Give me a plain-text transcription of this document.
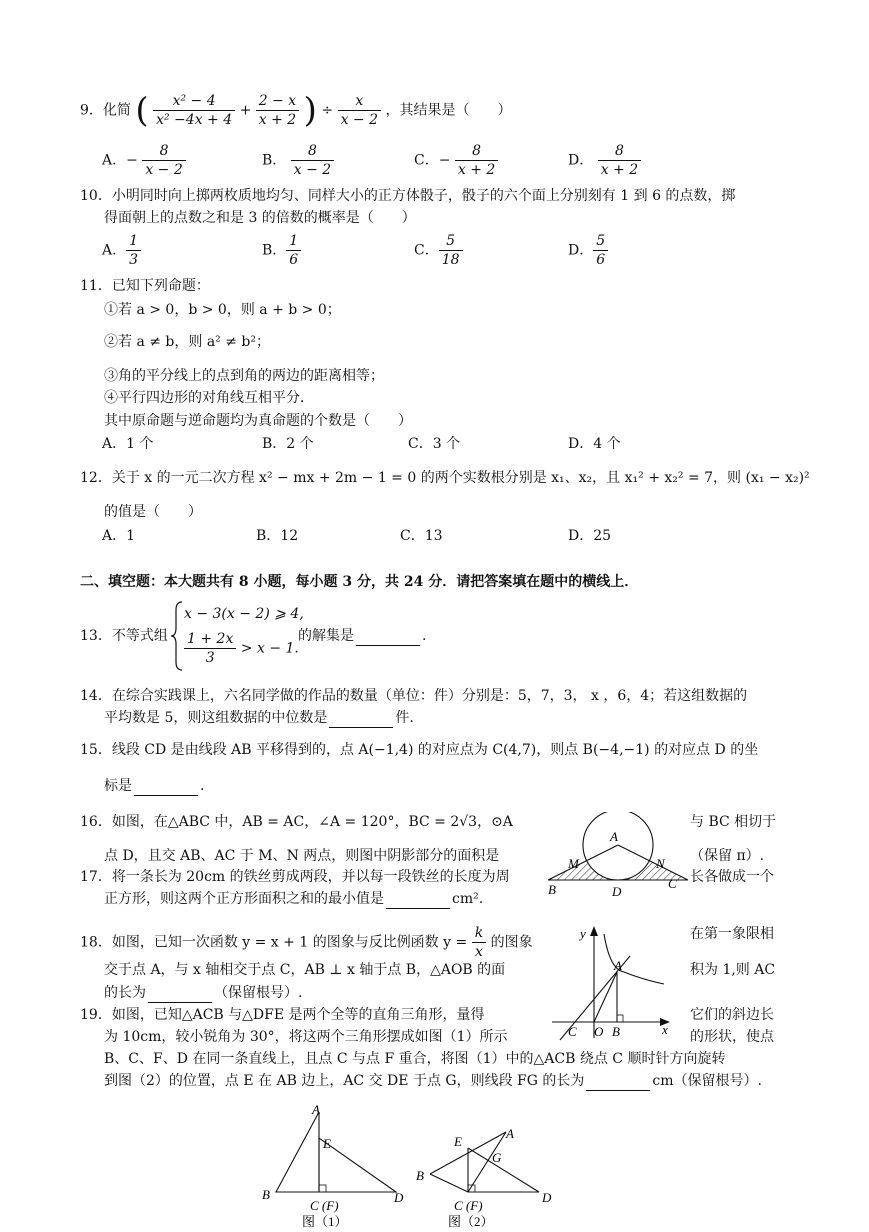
9．化简 ( $\frac{\text{x² − 4}}{\text{x² −4x + 4}} + \frac{2 - x}{x + 2}$ ) ÷ $\frac{x}{x - 2}$ ，其结果是（　　）
A．− $\frac{8}{x - 2}$	B． $\frac{8}{x - 2}$	C．− $\frac{8}{x + 2}$	D． $\frac{8}{x + 2}$
10．小明同时向上掷两枚质地均匀、同样大小的正方体骰子，骰子的六个面上分别刻有 1 到 6 的点数，掷
得面朝上的点数之和是 3 的倍数的概率是（　　）
A． $\frac{1}{3}$	B． $\frac{1}{6}$	C． $\frac{5}{18}$	D． $\frac{5}{6}$
11．已知下列命题：
①若 a > 0，b > 0，则 a + b > 0；
②若 a ≠ b，则 a² ≠ b²；
③角的平分线上的点到角的两边的距离相等；
④平行四边形的对角线互相平分．
其中原命题与逆命题均为真命题的个数是（　　）
A．1 个	B．2 个	C．3 个	D．4 个
12．关于 x 的一元二次方程 x² − mx + 2m − 1 = 0 的两个实数根分别是 x₁、x₂，且 x₁² + x₂² = 7，则 (x₁ − x₂)²
的值是（　　）
A．1	B．12	C．13	D．25
二、填空题：本大题共有 8 小题，每小题 3 分，共 24 分．请把答案填在题中的横线上．
13．不等式组
x − 3(x − 2) ⩾ 4,
$\frac{1 + 2x}{3} > x - 1$.
的解集是	.
14．在综合实践课上，六名同学做的作品的数量（单位：件）分别是：5，7，3， x ，6，4；若这组数据的
平均数是 5，则这组数据的中位数是	件.
15．线段 CD 是由线段 AB 平移得到的，点 A(−1,4) 的对应点为 C(4,7)，则点 B(−4,−1) 的对应点 D 的坐
标是	.
16．如图，在△ABC 中，AB = AC，∠A = 120°，BC = 2√3，⊙A	与 BC 相切于
点 D，且交 AB、AC 于 M、N 两点，则图中阴影部分的面积是	（保留 π）.
17．将一条长为 20cm 的铁丝剪成两段，并以每一段铁丝的长度为周	长各做成一个
正方形，则这两个正方形面积之和的最小值是	cm².
A
M	N
B	D
C
18．如图，已知一次函数 y = x + 1 的图象与反比例函数 $y = \frac{k}{x}$ 的图象
在第一象限相
交于点 A，与 x 轴相交于点 C，AB ⊥ x 轴于点 B，△AOB 的面	积为 1,则 AC
的长为	（保留根号）.
y
x
A
C O B
19．如图，已知△ACB 与△DFE 是两个全等的直角三角形，量得	它们的斜边长
为 10cm，较小锐角为 30°，将这两个三角形摆成如图（1）所示	的形状，使点
B、C、F、D 在同一条直线上，且点 C 与点 F 重合，将图（1）中的△ACB 绕点 C 顺时针方向旋转
到图（2）的位置，点 E 在 AB 边上，AC 交 DE 于点 G，则线段 FG 的长为	cm（保留根号）.
A
E
B
C (F)
D
图（1）
E
A
G
B
C (F)
D
图（2）
